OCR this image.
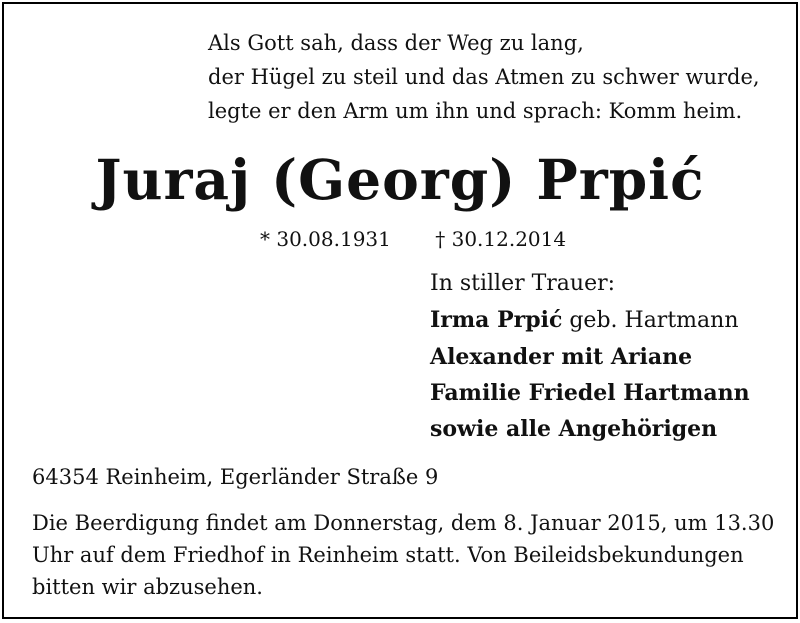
Als Gott sah, dass der Weg zu lang,
der Hügel zu steil und das Atmen zu schwer wurde,
legte er den Arm um ihn und sprach: Komm heim.
Juraj (Georg) Prpić
* 30.08.1931 † 30.12.2014
In stiller Trauer:
Irma Prpić geb. Hartmann
Alexander mit Ariane
Familie Friedel Hartmann
sowie alle Angehörigen
64354 Reinheim, Egerländer Straße 9
Die Beerdigung findet am Donnerstag, dem 8. Januar 2015, um 13.30
Uhr auf dem Friedhof in Reinheim statt. Von Beileidsbekundungen
bitten wir abzusehen.
